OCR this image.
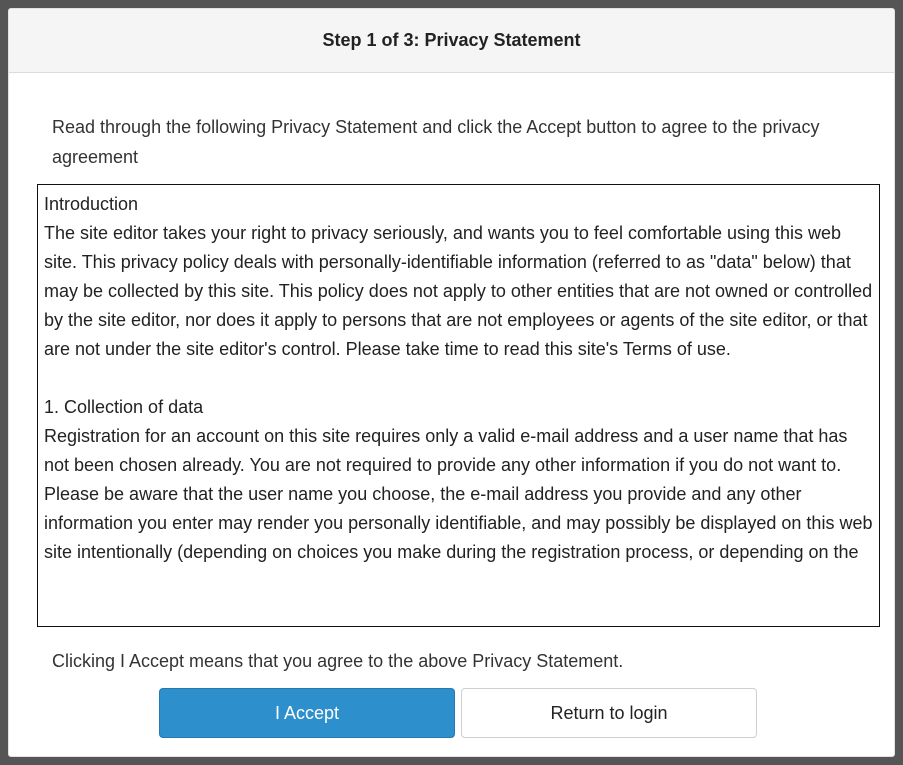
Step 1 of 3: Privacy Statement
Read through the following Privacy Statement and click the Accept button to agree to the privacy agreement

Introduction

The site editor takes your right to privacy seriously, and wants you to feel comfortable using this web site. This privacy policy deals with personally-identifiable information (referred to as "data" below) that may be collected by this site. This policy does not apply to other entities that are not owned or controlled by the site editor, nor does it apply to persons that are not employees or agents of the site editor, or that are not under the site editor's control. Please take time to read this site's Terms of use.

1. Collection of data

Registration for an account on this site requires only a valid e-mail address and a user name that has not been chosen already. You are not required to provide any other information if you do not want to. Please be aware that the user name you choose, the e-mail address you provide and any other information you enter may render you personally identifiable, and may possibly be displayed on this web site intentionally (depending on choices you make during the registration process, or depending on the

Clicking I Accept means that you agree to the above Privacy Statement.
I Accept	Return to login
